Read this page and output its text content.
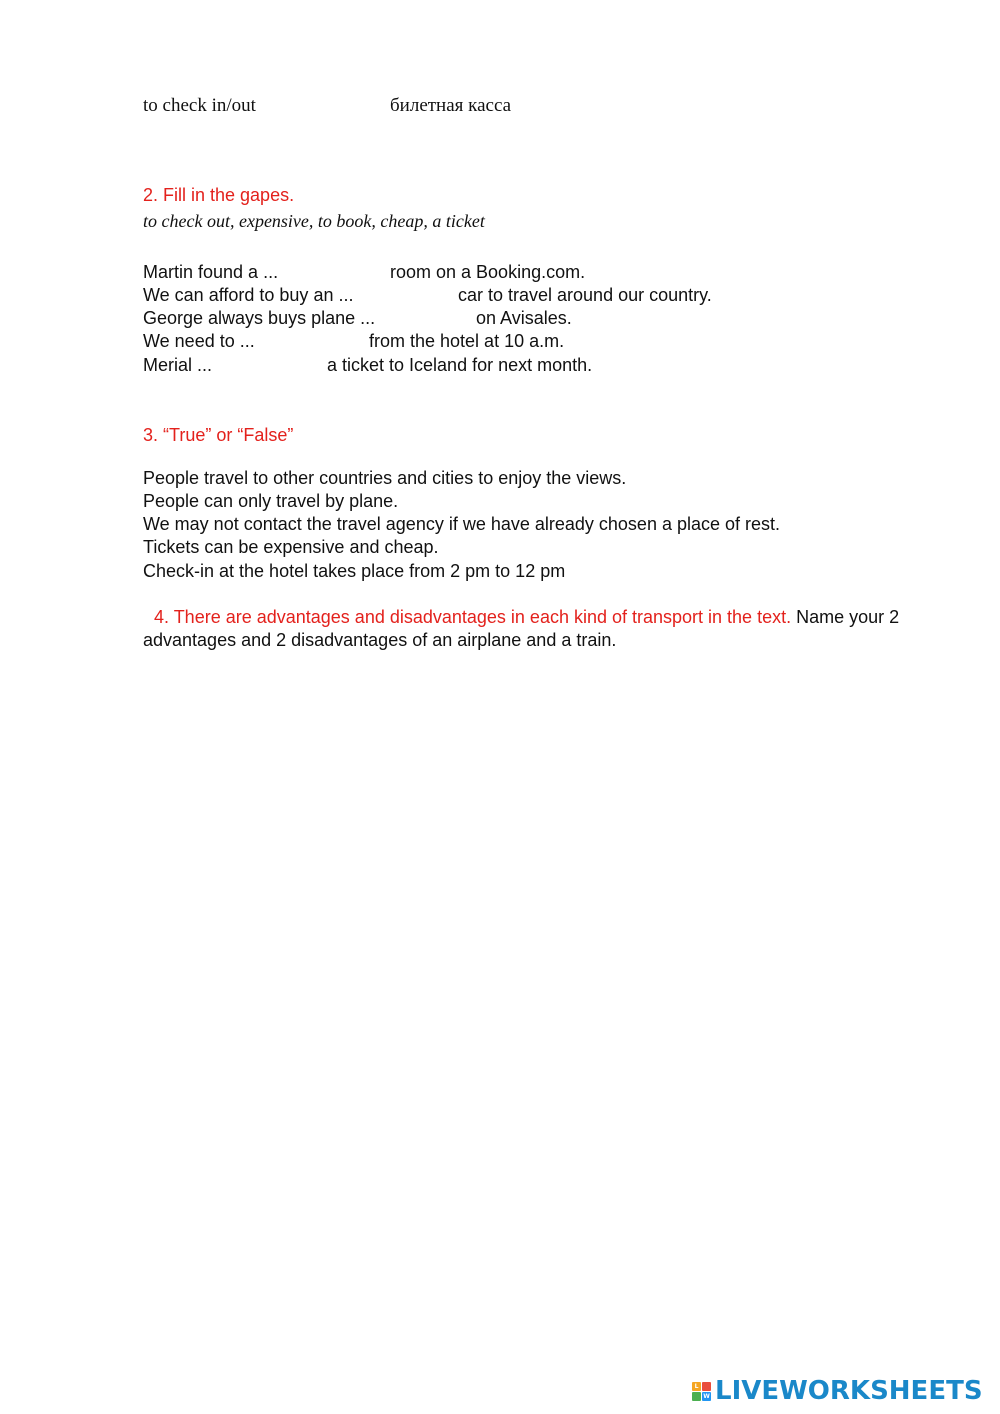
to check in/out	билетная касса
2. Fill in the gapes.
to check out, expensive, to book, cheap, a ticket
Martin found a ...	room on a Booking.com.
We can afford to buy an ...	car to travel around our country.
George always buys plane ...	on Avisales.
We need to ...	from the hotel at 10 a.m.
Merial ...	a ticket to Iceland for next month.
3. “True” or “False”
People travel to other countries and cities to enjoy the views.
People can only travel by plane.
We may not contact the travel agency if we have already chosen a place of rest.
Tickets can be expensive and cheap.
Check-in at the hotel takes place from 2 pm to 12 pm
4. There are advantages and disadvantages in each kind of transport in the text. Name your 2 advantages and 2 disadvantages of an airplane and a train.
L
W LIVEWORKSHEETS
